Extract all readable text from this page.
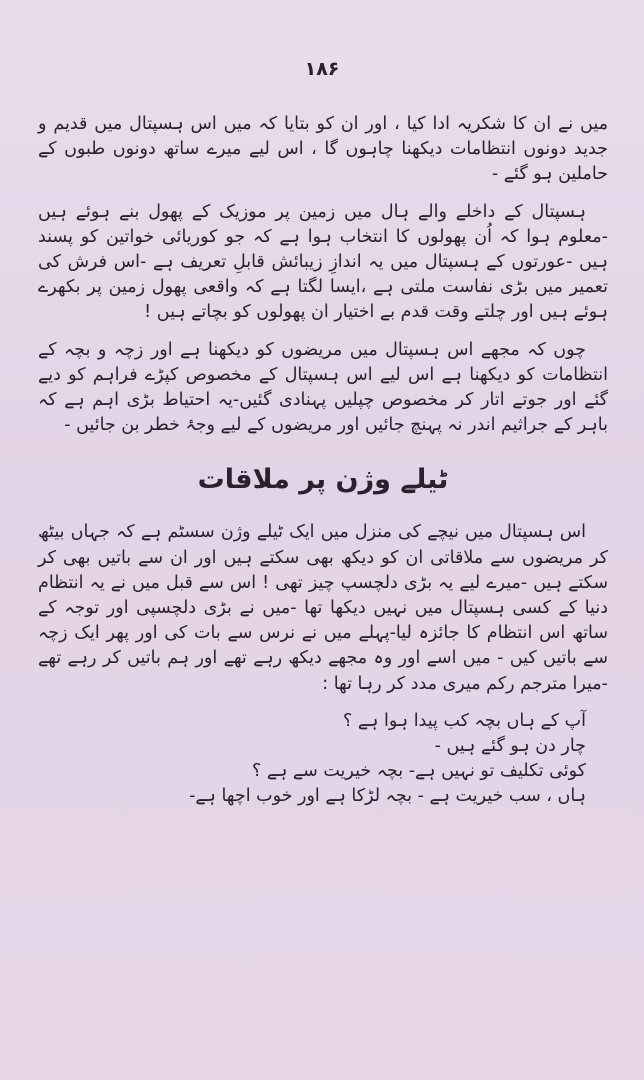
۱۸۶

میں نے ان کا شکریہ ادا کیا ، اور ان کو بتایا کہ میں اس ہسپتال میں قدیم و جدید دونوں انتظامات دیکھنا چاہوں گا ، اس لیے میرے ساتھ دونوں طبوں کے حاملین ہو گئے -

ہسپتال کے داخلے والے ہال میں زمین پر موزیک کے پھول بنے ہوئے ہیں -معلوم ہوا کہ اُن پھولوں کا انتخاب ہوا ہے کہ جو کوریائی خواتین کو پسند ہیں -عورتوں کے ہسپتال میں یہ اندازِ زیبائش قابلِ تعریف ہے -اس فرش کی تعمیر میں بڑی نفاست ملتی ہے ،ایسا لگتا ہے کہ واقعی پھول زمین پر بکھرے ہوئے ہیں اور چلتے وقت قدم بے اختیار ان پھولوں کو بچاتے ہیں !

چوں کہ مجھے اس ہسپتال میں مریضوں کو دیکھنا ہے اور زچہ و بچہ کے انتظامات کو دیکھنا ہے اس لیے اس ہسپتال کے مخصوص کپڑے فراہم کو دیے گئے اور جوتے اتار کر مخصوص چپلیں پہنادی گئیں-یہ احتیاط بڑی اہم ہے کہ باہر کے جراثیم اندر نہ پہنچ جائیں اور مریضوں کے لیے وجۂ خطر بن جائیں -

ٹیلے وژن پر ملاقات

اس ہسپتال میں نیچے کی منزل میں ایک ٹیلے وژن سسٹم ہے کہ جہاں بیٹھ کر مریضوں سے ملاقاتی ان کو دیکھ بھی سکتے ہیں اور ان سے باتیں بھی کر سکتے ہیں -میرے لیے یہ بڑی دلچسپ چیز تھی ! اس سے قبل میں نے یہ انتظام دنیا کے کسی ہسپتال میں نہیں دیکھا تھا -میں نے بڑی دلچسپی اور توجہ کے ساتھ اس انتظام کا جائزہ لیا-پہلے میں نے نرس سے بات کی اور پھر ایک زچہ سے باتیں کیں - میں اسے اور وہ مجھے دیکھ رہے تھے اور ہم باتیں کر رہے تھے -میرا مترجم رکم میری مدد کر رہا تھا :

آپ کے ہاں بچہ کب پیدا ہوا ہے ؟

چار دن ہو گئے ہیں -

کوئی تکلیف تو نہیں ہے- بچہ خیریت سے ہے ؟

ہاں ، سب خیریت ہے - بچہ لڑکا ہے اور خوب اچھا ہے-
